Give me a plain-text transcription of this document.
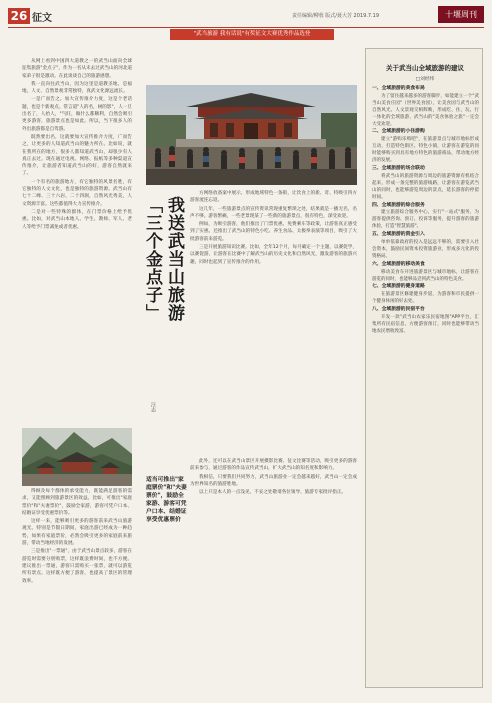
26 征文	责任编辑/柳蓉 版式/聂大芳 2019.7.19	十堰周刊
"武当旅游 我有话说"有奖征文大赛优秀作品选登

从网上看到中国四大道教之一的武当山面向全球征集旅游"金点子"，作为一名从未去过武当山的河北道家弟子很是激动。在此谈谈自己的旅游感想。

我一直向往武当山，因为这里是道教圣地、是福地，人文、自然景观非常独特，真武文化源远流长。

一是广而告之。加大宣传推介力度，这是个老话题，也是个新观点。常言道"人的名，树的影"，人一旦出名了，人抬人，"气旺，做什么都顺利，自然会吸引更多游客，旅游景点也是如此。所以，当下很多人的外出旅游都是自驾游。

既然要出名，这就要加大宣传推介力度，广而告之，让更多的人知道武当山的魅力所在。比如说，就在我所在的地方，很多人都知道武当山，却很少有人真正去过。现在通过电视、网络、报纸等多种渠道宣传推介，让旅游者知道武当山的好，游客自然就来了。

一个有名的旅游地方，有它独特的风景名胜，有它独特的人文文化，也是独特的旅游资源。武当山有七十二峰、三十六岩、二十四涧，自然风光秀美，人文资源丰富。这些都值得大力宣传推介。

二是对一些特殊的群体，在门票价格上给予优惠。比如，对武当山本地人、学生、教师、军人、老人等给予门票减免或者优惠。	我送武当山旅游
「三个金点子」
汪志

方网络放备案中展示，形成地域特色一条街，让饮食上的新、奇、特吸引四方游客流连忘返。

这几年，一些旅游景点的宣传资讯常现重复繁琐之处，结果就是一播无名，名声不够。游客繁痛，一些老景现某了一些新的旅游景点，很有特色，深受欢迎。

例如，为吸引游客，他们推出了门票优惠、免费乘车等政策，让游客真正感受到了实惠。还推出了武当山的特色小吃、养生食品、太极拳表演等项目，吸引了大批游客前来游览。

三是开展旅游知识比赛。比如，全年12个月，每月确定一个主题，以赛促学，以赛促游，让游客在比赛中了解武当山的历史文化和自然风光，激发游客的旅游兴趣，同时也起到了宣传推介的作用。

得顾及每个群体的承受能力，既能满足游客的需求，又能照顾到旅游景区的效益。比如，可推出"家庭票价"和"夫妻票价"，鼓励全家游，游客可凭户口本、结婚证享受优惠票价等。

这样一来，能够吸引更多的游客前来武当山旅游观光。特别是节假日期间，家庭出游已经成为一种趋势，如果有家庭票价，必然会吸引更多的家庭前来旅游，带动当地经济的发展。

三是推出"一票通"，由于武当山景点较多，游客在游览时需要分别购票，这样既浪费时间，也不方便。建议推出一票通，游客只需购买一张票，就可以游览所有景点。这样既方便了游客，也提高了景区的管理效率。

适当可推出"家庭票价"和"夫妻票价"，鼓励全家游、游客可凭户口本、结婚证享受优惠票价

此外，还可以在武当山景区开展摄影比赛、征文比赛等活动，吸引更多的游客前来参与，通过游客的作品宣传武当山，扩大武当山的知名度和影响力。

我相信，只要我们共同努力，武当山旅游业一定会越来越好，武当山一定会成为世界知名的旅游胜地。

以上只是本人的一点浅见，不妥之处敬请各位领导、旅游专家批评指正。

关于武当山全域旅游的建议
□刘经纬
一、全域旅游的美食布局

为了留住越来越多的游客脚步，如能建立一个"武当山美食庄园"（世界美食园），让美食园与武当山的自然风光、人文景观交相辉映，形成吃、住、玩、行一体化的全域旅游，武当山的"美食体验之旅"一定会大受欢迎。

二、全域旅游的小住游购

建立"游购乐购吧"，在旅游景点与城市地标形成互动，打造特色街区、特色小镇，让游客在游览的同时能够购买到具有地方特色的旅游商品，带动地方经济的发展。

三、全域旅游的场合联动

将武当山的旅游资源与周边的旅游资源有机结合起来，形成一条完整的旅游线路，让游客在游览武当山的同时，也能够游览周边的景点，延长游客的停留时间。

四、全域旅游的综合服务

建立旅游综合服务中心，实行"一站式"服务，为游客提供咨询、预订、投诉等服务，提升游客的旅游体验，打造"智慧旅游"。

五、全域旅游的资金引入

单单依靠政府的投入是远远不够的，需要引入社会资本，鼓励民间资本投资旅游业，形成多元化的投资格局。

六、全域旅游的移动美食

移动美食车开进旅游景区与城市地标，让游客在游览的同时，也能够品尝到武当山的特色美食。

七、全域旅游的健身道路

在旅游景区修建健身步道，为游客和市民提供一个健身休闲的好去处。

八、全域旅游的民宿平台

开发一款"武当山农家乐民宿地图"APP平台，汇集所有民宿信息，方便游客预订，同时也能够带动当地农民增收致富。
